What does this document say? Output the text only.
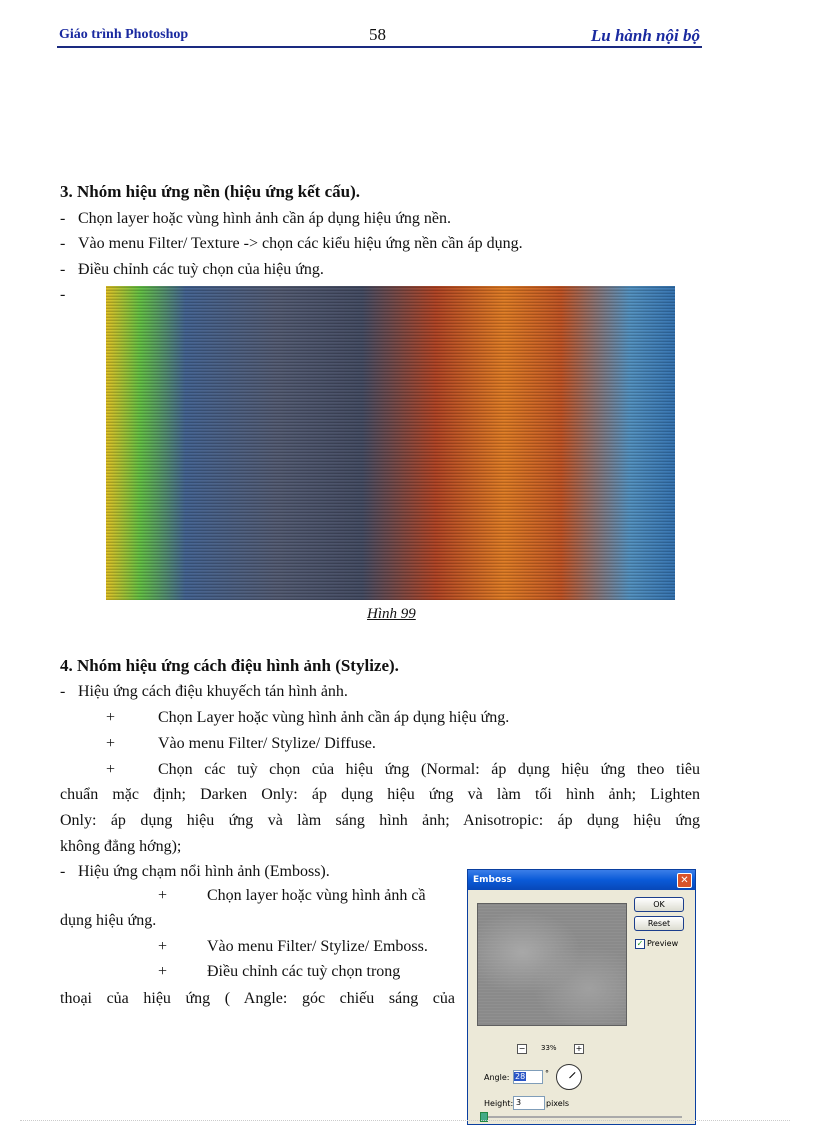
Giáo trình Photoshop	58	Lu hành nội bộ
3. Nhóm hiệu ứng nền (hiệu ứng kết cấu).
- Chọn layer hoặc vùng hình ảnh cần áp dụng hiệu ứng nền.
- Vào menu Filter/ Texture -> chọn các kiểu hiệu ứng nền cần áp dụng.
- Điều chỉnh các tuỳ chọn của hiệu ứng.
-
Hình 99
4. Nhóm hiệu ứng cách điệu hình ảnh (Stylize).
- Hiệu ứng cách điệu khuyếch tán hình ảnh.
+	Chọn Layer hoặc vùng hình ảnh cần áp dụng hiệu ứng.
+	Vào menu Filter/ Stylize/ Diffuse.
+	Chọn các tuỳ chọn của hiệu ứng (Normal: áp dụng hiệu ứng theo tiêu
chuẩn mặc định; Darken Only: áp dụng hiệu ứng và làm tối hình ảnh; Lighten
Only: áp dụng hiệu ứng và làm sáng hình ảnh; Anisotropic: áp dụng hiệu ứng
không đẳng hớng);
- Hiệu ứng chạm nổi hình ảnh (Emboss).
+ Chọn layer hoặc vùng hình ảnh cầ
dụng hiệu ứng.
+ Vào menu Filter/ Stylize/ Emboss.
+ Điều chỉnh các tuỳ chọn trong
thoại của hiệu ứng ( Angle: góc chiếu sáng của
Emboss	✕
OK
Reset
✓ Preview
− 33% +
Angle: 28	°
Height: 3	pixels
